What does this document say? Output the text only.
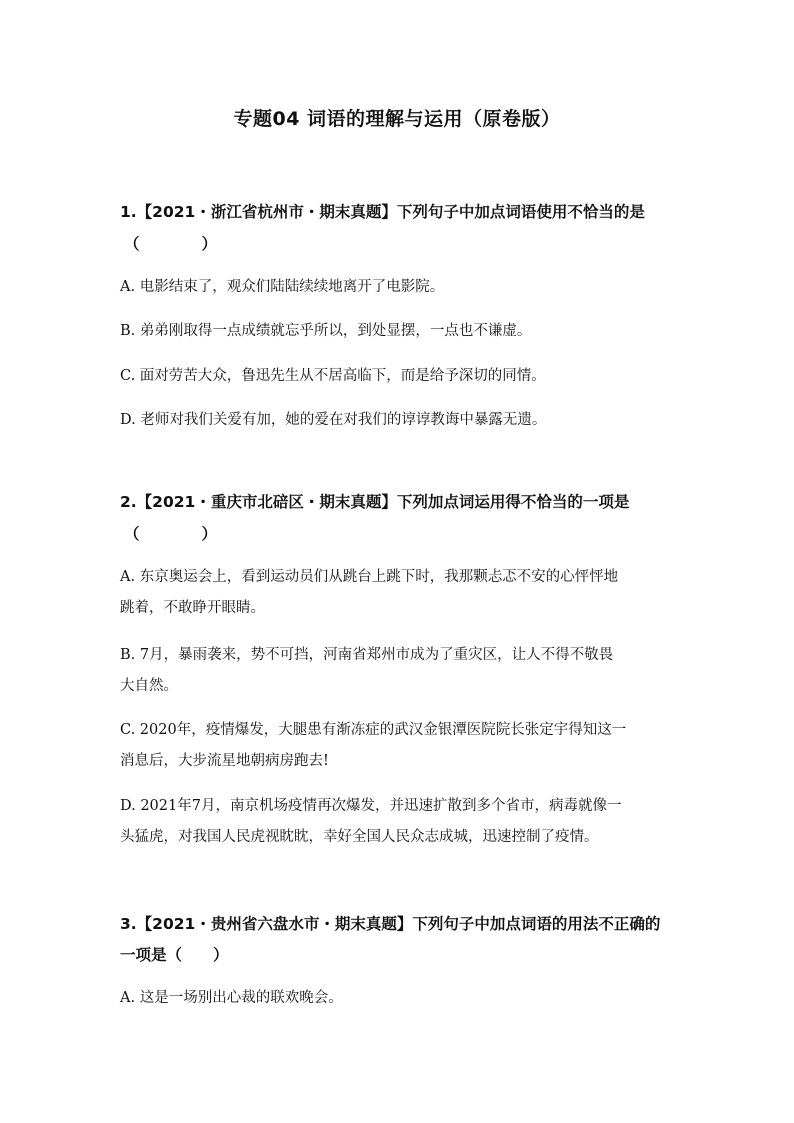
专题04 词语的理解与运用（原卷版）
1.【2021・浙江省杭州市・期末真题】下列句子中加点词语使用不恰当的是
（　　　　）
A. 电影结束了，观众们陆陆续续地离开了电影院。
B. 弟弟刚取得一点成绩就忘乎所以，到处显摆，一点也不谦虚。
C. 面对劳苦大众，鲁迅先生从不居高临下，而是给予深切的同情。
D. 老师对我们关爱有加，她的爱在对我们的谆谆教诲中暴露无遗。
2.【2021・重庆市北碚区・期末真题】下列加点词运用得不恰当的一项是
（　　　　）
A. 东京奥运会上，看到运动员们从跳台上跳下时，我那颗忐忑不安的心怦怦地
跳着，不敢睁开眼睛。
B. 7月，暴雨袭来，势不可挡，河南省郑州市成为了重灾区，让人不得不敬畏
大自然。
C. 2020年，疫情爆发，大腿患有渐冻症的武汉金银潭医院院长张定宇得知这一
消息后，大步流星地朝病房跑去!
D. 2021年7月，南京机场疫情再次爆发，并迅速扩散到多个省市，病毒就像一
头猛虎，对我国人民虎视眈眈，幸好全国人民众志成城，迅速控制了疫情。
3.【2021・贵州省六盘水市・期末真题】下列句子中加点词语的用法不正确的
一项是（　　）
A. 这是一场别出心裁的联欢晚会。
